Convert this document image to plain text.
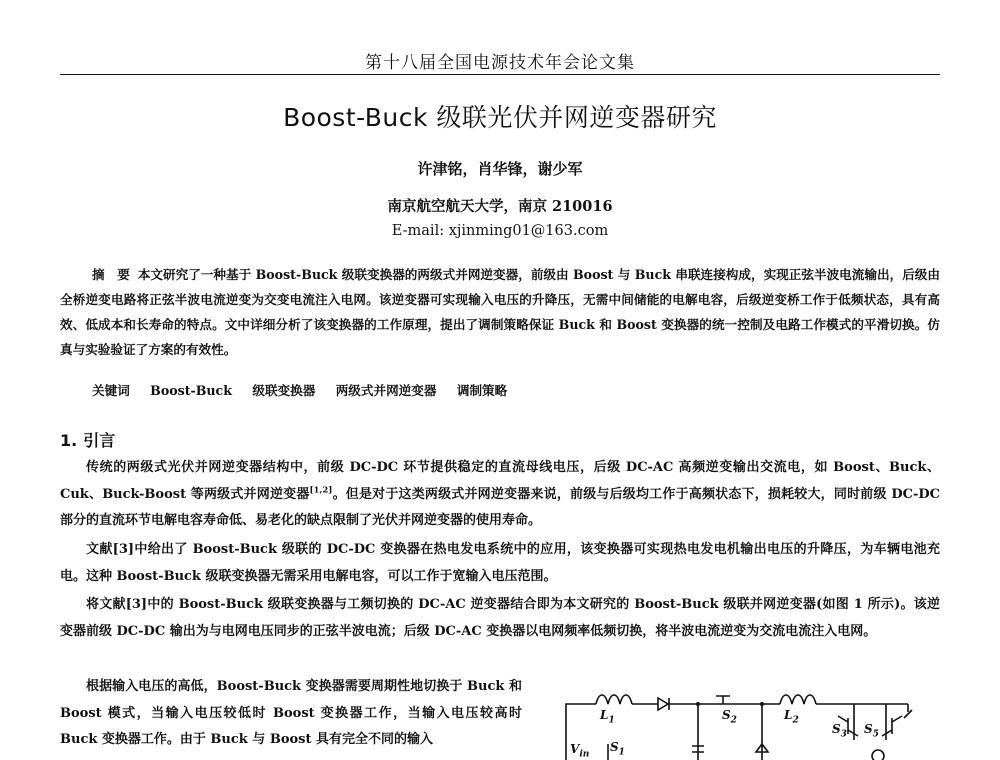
第十八届全国电源技术年会论文集
Boost-Buck 级联光伏并网逆变器研究
许津铭，肖华锋，谢少军
南京航空航天大学，南京 210016
E-mail: xjinming01@163.com
摘　要 本文研究了一种基于 Boost-Buck 级联变换器的两级式并网逆变器，前级由 Boost 与 Buck 串联连接构成，实现正弦半波电流输出，后级由全桥逆变电路将正弦半波电流逆变为交变电流注入电网。该逆变器可实现输入电压的升降压，无需中间储能的电解电容，后级逆变桥工作于低频状态，具有高效、低成本和长寿命的特点。文中详细分析了该变换器的工作原理，提出了调制策略保证 Buck 和 Boost 变换器的统一控制及电路工作模式的平滑切换。仿真与实验验证了方案的有效性。
关键词 Boost-Buck 级联变换器 两级式并网逆变器 调制策略
1. 引言
传统的两级式光伏并网逆变器结构中，前级 DC-DC 环节提供稳定的直流母线电压，后级 DC-AC 高频逆变输出交流电，如 Boost、Buck、Cuk、Buck-Boost 等两级式并网逆变器[1,2]。但是对于这类两级式并网逆变器来说，前级与后级均工作于高频状态下，损耗较大，同时前级 DC-DC 部分的直流环节电解电容寿命低、易老化的缺点限制了光伏并网逆变器的使用寿命。
文献[3]中给出了 Boost-Buck 级联的 DC-DC 变换器在热电发电系统中的应用，该变换器可实现热电发电机输出电压的升降压，为车辆电池充电。这种 Boost-Buck 级联变换器无需采用电解电容，可以工作于宽输入电压范围。
将文献[3]中的 Boost-Buck 级联变换器与工频切换的 DC-AC 逆变器结合即为本文研究的 Boost-Buck 级联并网逆变器(如图 1 所示)。该逆变器前级 DC-DC 输出为与电网电压同步的正弦半波电流；后级 DC-AC 变换器以电网频率低频切换，将半波电流逆变为交流电流注入电网。
根据输入电压的高低，Boost-Buck 变换器需要周期性地切换于 Buck 和 Boost 模式，当输入电压较低时 Boost 变换器工作，当输入电压较高时 Buck 变换器工作。由于 Buck 与 Boost 具有完全不同的输入
$L_1$	$L_2$
$S_2$
$S_1$
$S_3$ $S_5$
$V_{in}$
